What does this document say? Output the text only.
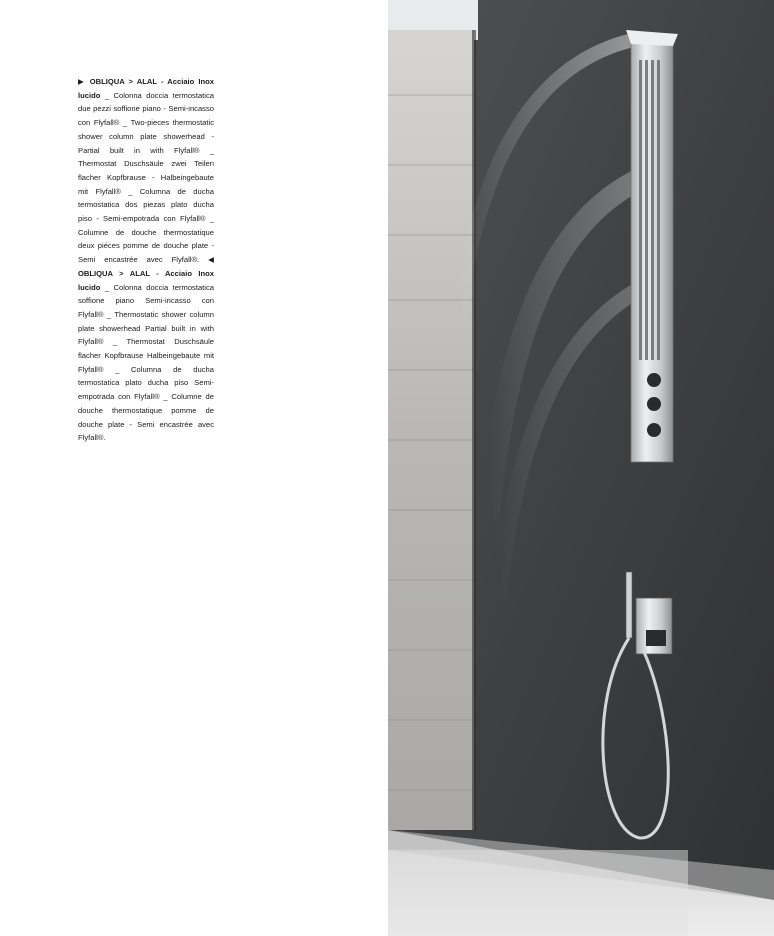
▶ OBLIQUA > ALAL - Acciaio Inox lucido _ Colonna doccia termostatica due pezzi soffione piano - Semi-incasso con Flyfall® _ Two-pieces thermostatic shower column plate showerhead - Partial built in with Flyfall® _ Thermostat Duschsäule zwei Teilen flacher Kopfbrause - Halbeingebaute mit Flyfall® _ Columna de ducha termostatica dos piezas plato ducha piso - Semi-empotrada con Flyfall® _ Columne de douche thermostatique deux piéces pomme de douche plate - Semi encastrée avec Flyfall®. ◀ OBLIQUA > ALAL - Acciaio Inox lucido _ Colonna doccia termostatica soffione piano Semi-incasso con Flyfall® _ Thermostatic shower column plate showerhead Partial built in with Flyfall® _ Thermostat Duschsäule flacher Kopfbrause Halbeingebaute mit Flyfall® _ Columna de ducha termostatica plato ducha piso Semi-empotrada con Flyfall® _ Columne de douche thermostatique pomme de douche plate - Semi encastrée avec Flyfall®.
